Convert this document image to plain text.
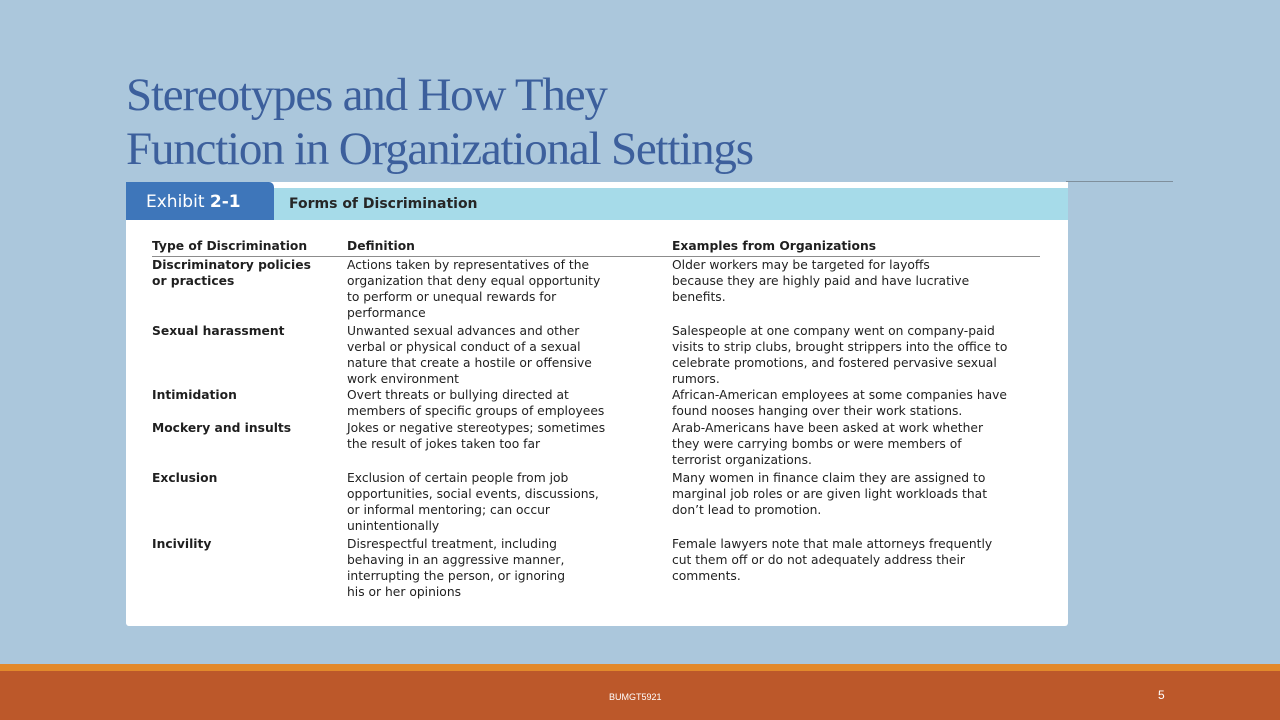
Stereotypes and How They
Function in Organizational Settings
Exhibit 2-1	Forms of Discrimination
Type of Discrimination	Definition	Examples from Organizations

Discriminatory policies
or practices	Actions taken by representatives of the
organization that deny equal opportunity
to perform or unequal rewards for
performance	Older workers may be targeted for layoffs
because they are highly paid and have lucrative
benefits.

Sexual harassment	Unwanted sexual advances and other
verbal or physical conduct of a sexual
nature that create a hostile or offensive
work environment	Salespeople at one company went on company-paid
visits to strip clubs, brought strippers into the office to
celebrate promotions, and fostered pervasive sexual
rumors.

Intimidation	Overt threats or bullying directed at
members of specific groups of employees	African-American employees at some companies have
found nooses hanging over their work stations.

Mockery and insults	Jokes or negative stereotypes; sometimes
the result of jokes taken too far	Arab-Americans have been asked at work whether
they were carrying bombs or were members of
terrorist organizations.

Exclusion	Exclusion of certain people from job
opportunities, social events, discussions,
or informal mentoring; can occur
unintentionally	Many women in finance claim they are assigned to
marginal job roles or are given light workloads that
don’t lead to promotion.

Incivility	Disrespectful treatment, including
behaving in an aggressive manner,
interrupting the person, or ignoring
his or her opinions	Female lawyers note that male attorneys frequently
cut them off or do not adequately address their
comments.
BUMGT5921	5
